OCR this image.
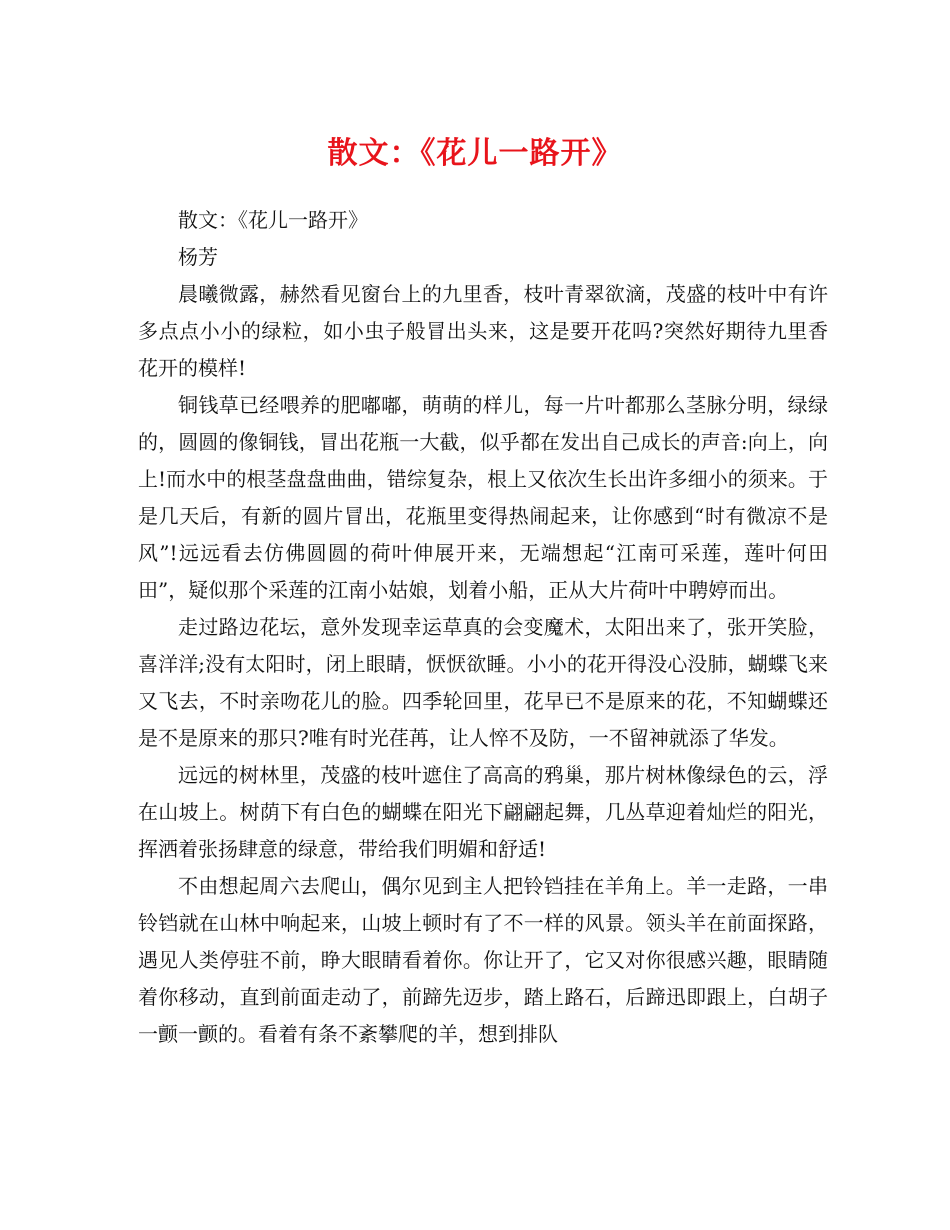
散文：《花儿一路开》

散文：《花儿一路开》

杨芳

晨曦微露，赫然看见窗台上的九里香，枝叶青翠欲滴，茂盛的枝叶中有许多点点小小的绿粒，如小虫子般冒出头来，这是要开花吗?突然好期待九里香花开的模样!

铜钱草已经喂养的肥嘟嘟，萌萌的样儿，每一片叶都那么茎脉分明，绿绿的，圆圆的像铜钱，冒出花瓶一大截，似乎都在发出自己成长的声音:向上，向上!而水中的根茎盘盘曲曲，错综复杂，根上又依次生长出许多细小的须来。于是几天后，有新的圆片冒出，花瓶里变得热闹起来，让你感到“时有微凉不是风”!远远看去仿佛圆圆的荷叶伸展开来，无端想起“江南可采莲，莲叶何田田”，疑似那个采莲的江南小姑娘，划着小船，正从大片荷叶中聘婷而出。

走过路边花坛，意外发现幸运草真的会变魔术，太阳出来了，张开笑脸，喜洋洋;没有太阳时，闭上眼睛，恹恹欲睡。小小的花开得没心没肺，蝴蝶飞来又飞去，不时亲吻花儿的脸。四季轮回里，花早已不是原来的花，不知蝴蝶还是不是原来的那只?唯有时光荏苒，让人悴不及防，一不留神就添了华发。

远远的树林里，茂盛的枝叶遮住了高高的鸦巢，那片树林像绿色的云，浮在山坡上。树荫下有白色的蝴蝶在阳光下翩翩起舞，几丛草迎着灿烂的阳光，挥洒着张扬肆意的绿意，带给我们明媚和舒适!

不由想起周六去爬山，偶尔见到主人把铃铛挂在羊角上。羊一走路，一串铃铛就在山林中响起来，山坡上顿时有了不一样的风景。领头羊在前面探路，遇见人类停驻不前，睁大眼睛看着你。你让开了，它又对你很感兴趣，眼睛随着你移动，直到前面走动了，前蹄先迈步，踏上路石，后蹄迅即跟上，白胡子一颤一颤的。看着有条不紊攀爬的羊，想到排队
